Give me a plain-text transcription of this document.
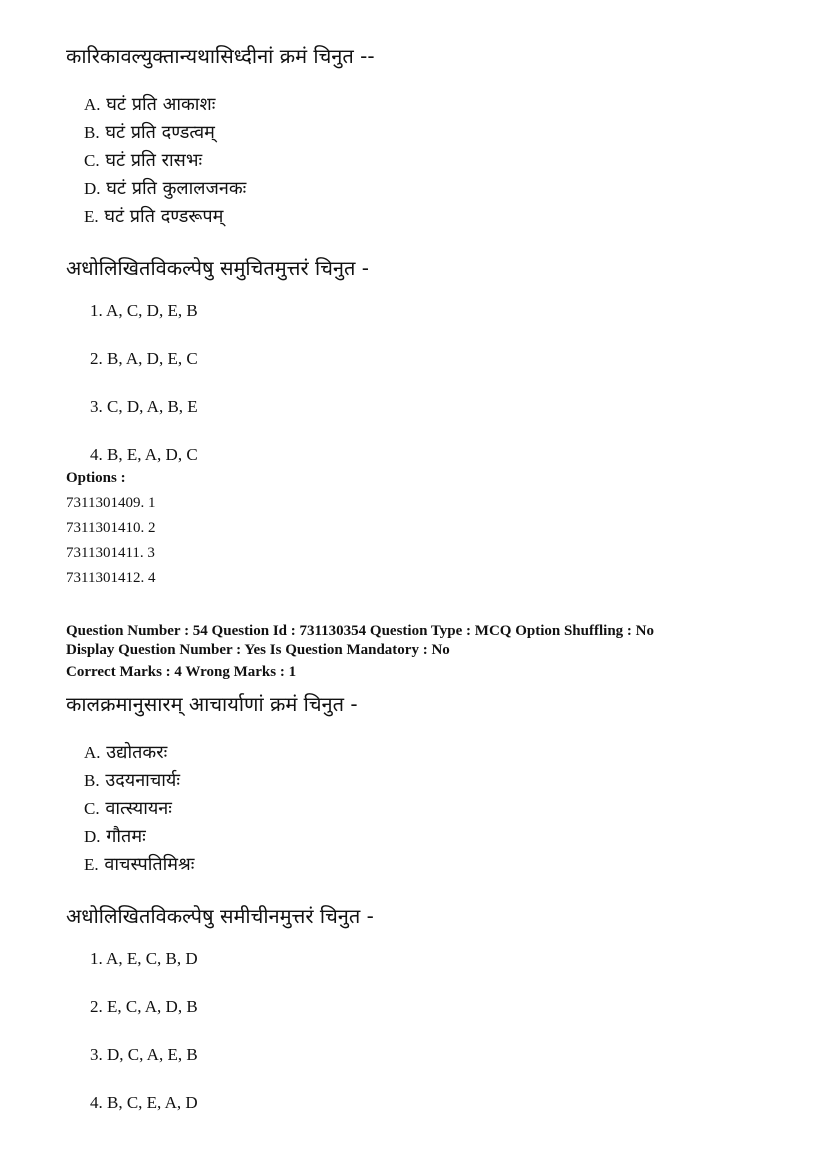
कारिकावल्युक्तान्यथासिध्दीनां क्रमं चिनुत --
A. घटं प्रति आकाशः
B. घटं प्रति दण्डत्वम्
C. घटं प्रति रासभः
D. घटं प्रति कुलालजनकः
E. घटं प्रति दण्डरूपम्
अधोलिखितविकल्पेषु समुचितमुत्तरं चिनुत -
1. A, C, D, E, B
2. B, A, D, E, C
3. C, D, A, B, E
4. B, E, A, D, C
Options :
7311301409. 1
7311301410. 2
7311301411. 3
7311301412. 4
Question Number : 54 Question Id : 731130354 Question Type : MCQ Option Shuffling : No
Display Question Number : Yes Is Question Mandatory : No
Correct Marks : 4 Wrong Marks : 1
कालक्रमानुसारम् आचार्याणां क्रमं चिनुत -
A. उद्योतकरः
B. उदयनाचार्यः
C. वात्स्यायनः
D. गौतमः
E. वाचस्पतिमिश्रः
अधोलिखितविकल्पेषु समीचीनमुत्तरं चिनुत -
1. A, E, C, B, D
2. E, C, A, D, B
3. D, C, A, E, B
4. B, C, E, A, D
